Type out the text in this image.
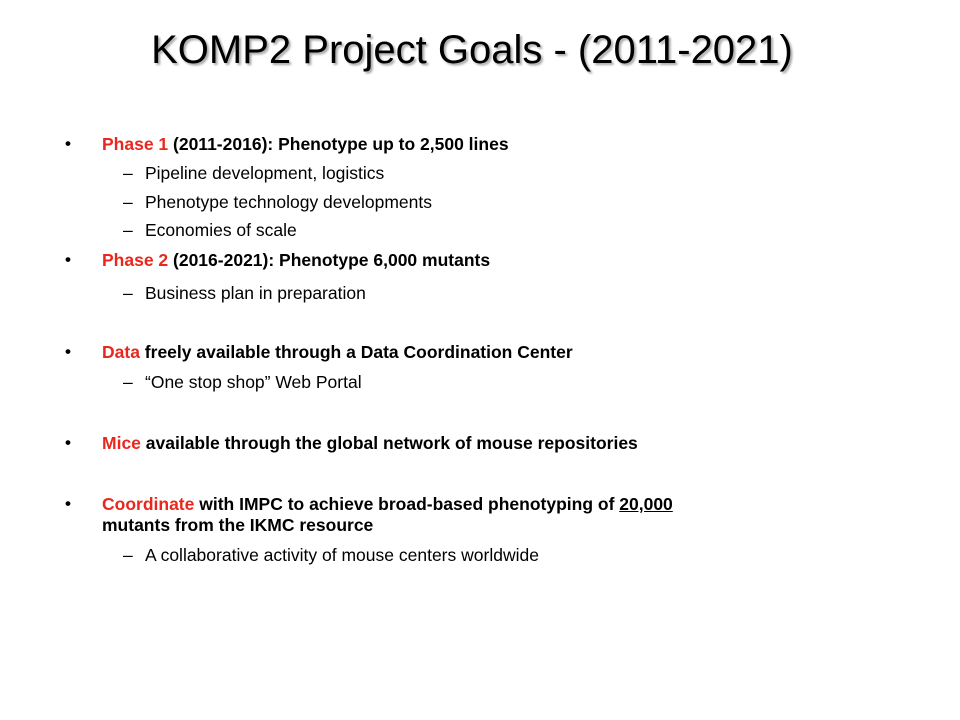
KOMP2 Project Goals - (2011-2021)
• Phase 1 (2011-2016): Phenotype up to 2,500 lines
– Pipeline development, logistics
– Phenotype technology developments
– Economies of scale
• Phase 2 (2016-2021): Phenotype 6,000 mutants
– Business plan in preparation
• Data freely available through a Data Coordination Center
– “One stop shop” Web Portal
• Mice available through the global network of mouse repositories
• Coordinate with IMPC to achieve broad-based phenotyping of 20,000
mutants from the IKMC resource
– A collaborative activity of mouse centers worldwide
